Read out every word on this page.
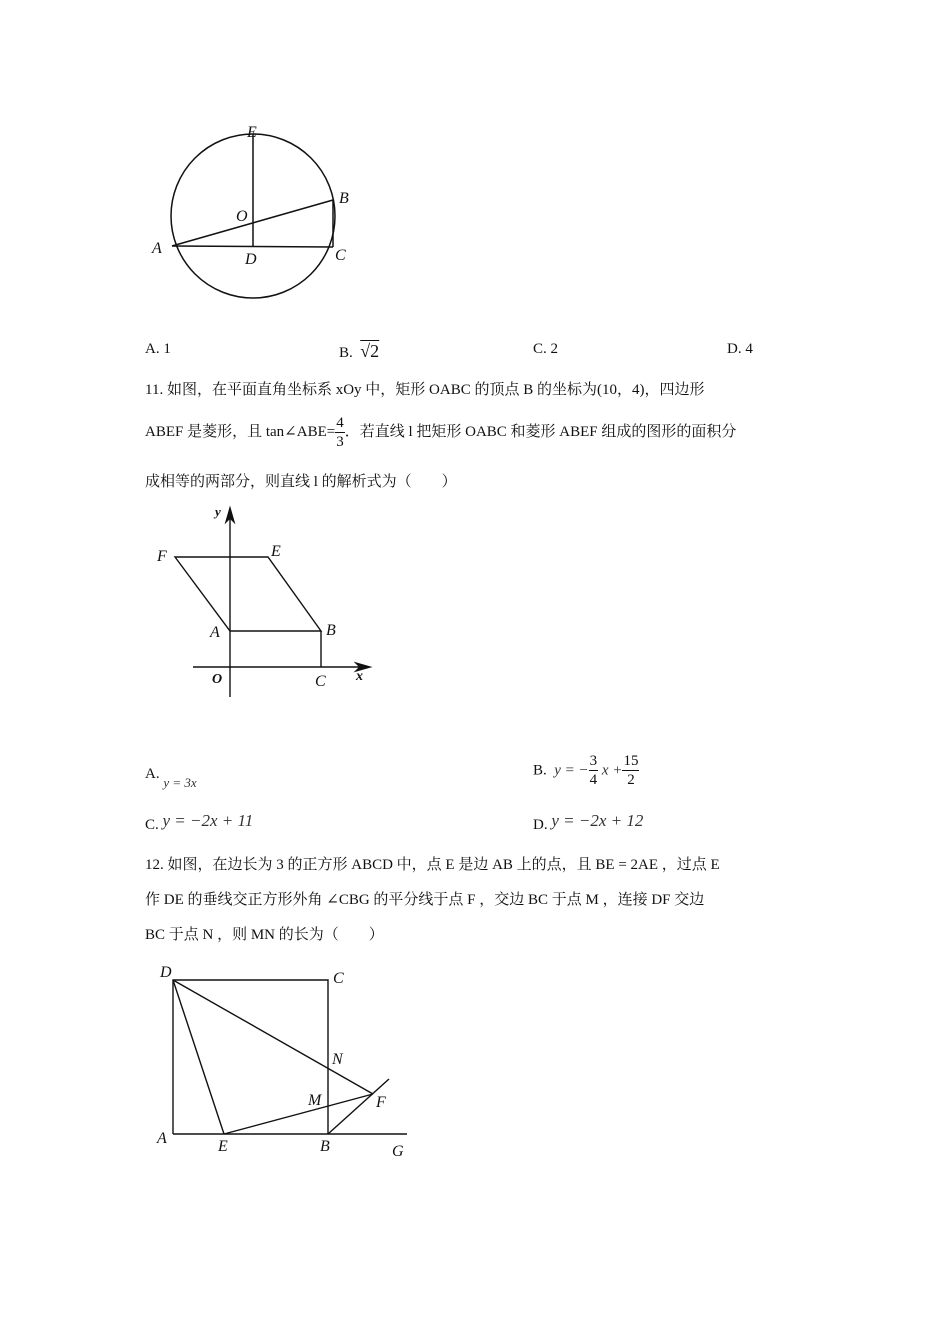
E
O
B
A
D	C
y
F	E
A	B
O	C x
D	C
N
M	F
A	E	B	G
A. 1	B. √2	C. 2	D. 4
11. 如图，在平面直角坐标系 xOy 中，矩形 OABC 的顶点 B 的坐标为(10，4)，四边形
ABEF 是菱形，且 tan∠ABE= $\frac{4}{3}$ ．若直线 l 把矩形 OABC 和菱形 ABEF 组成的图形的面积分
成相等的两部分，则直线 l 的解析式为（　　）
A. y = 3x
B. y = − $\frac{3}{4}$ $x + \frac{15}{2}$
C. y = −2x + 11	D. y = −2x + 12
12. 如图，在边长为 3 的正方形 ABCD 中，点 E 是边 AB 上的点，且 BE = 2AE ，过点 E
作 DE 的垂线交正方形外角 ∠CBG 的平分线于点 F ，交边 BC 于点 M ，连接 DF 交边
BC 于点 N ，则 MN 的长为（　　）
